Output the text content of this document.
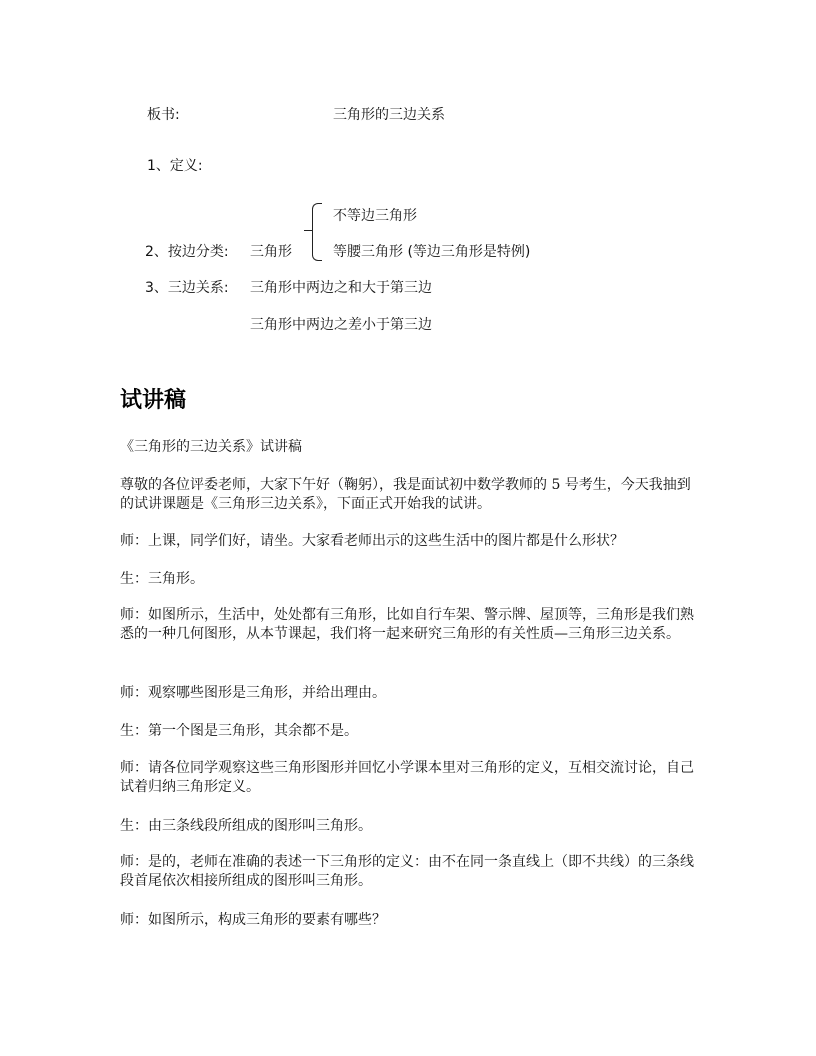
板书:	三角形的三边关系
1、定义:
不等边三角形
2、按边分类: 三角形	等腰三角形 (等边三角形是特例)
3、三边关系: 三角形中两边之和大于第三边
三角形中两边之差小于第三边
试讲稿
《三角形的三边关系》试讲稿
尊敬的各位评委老师，大家下午好（鞠躬），我是面试初中数学教师的 5 号考生，今天我抽到的试讲课题是《三角形三边关系》，下面正式开始我的试讲。
师：上课，同学们好，请坐。大家看老师出示的这些生活中的图片都是什么形状？
生：三角形。
师：如图所示，生活中，处处都有三角形，比如自行车架、警示牌、屋顶等，三角形是我们熟悉的一种几何图形，从本节课起，我们将一起来研究三角形的有关性质—三角形三边关系。
师：观察哪些图形是三角形，并给出理由。
生：第一个图是三角形，其余都不是。
师：请各位同学观察这些三角形图形并回忆小学课本里对三角形的定义，互相交流讨论，自己试着归纳三角形定义。
生：由三条线段所组成的图形叫三角形。
师：是的，老师在准确的表述一下三角形的定义：由不在同一条直线上（即不共线）的三条线段首尾依次相接所组成的图形叫三角形。
师：如图所示，构成三角形的要素有哪些？
